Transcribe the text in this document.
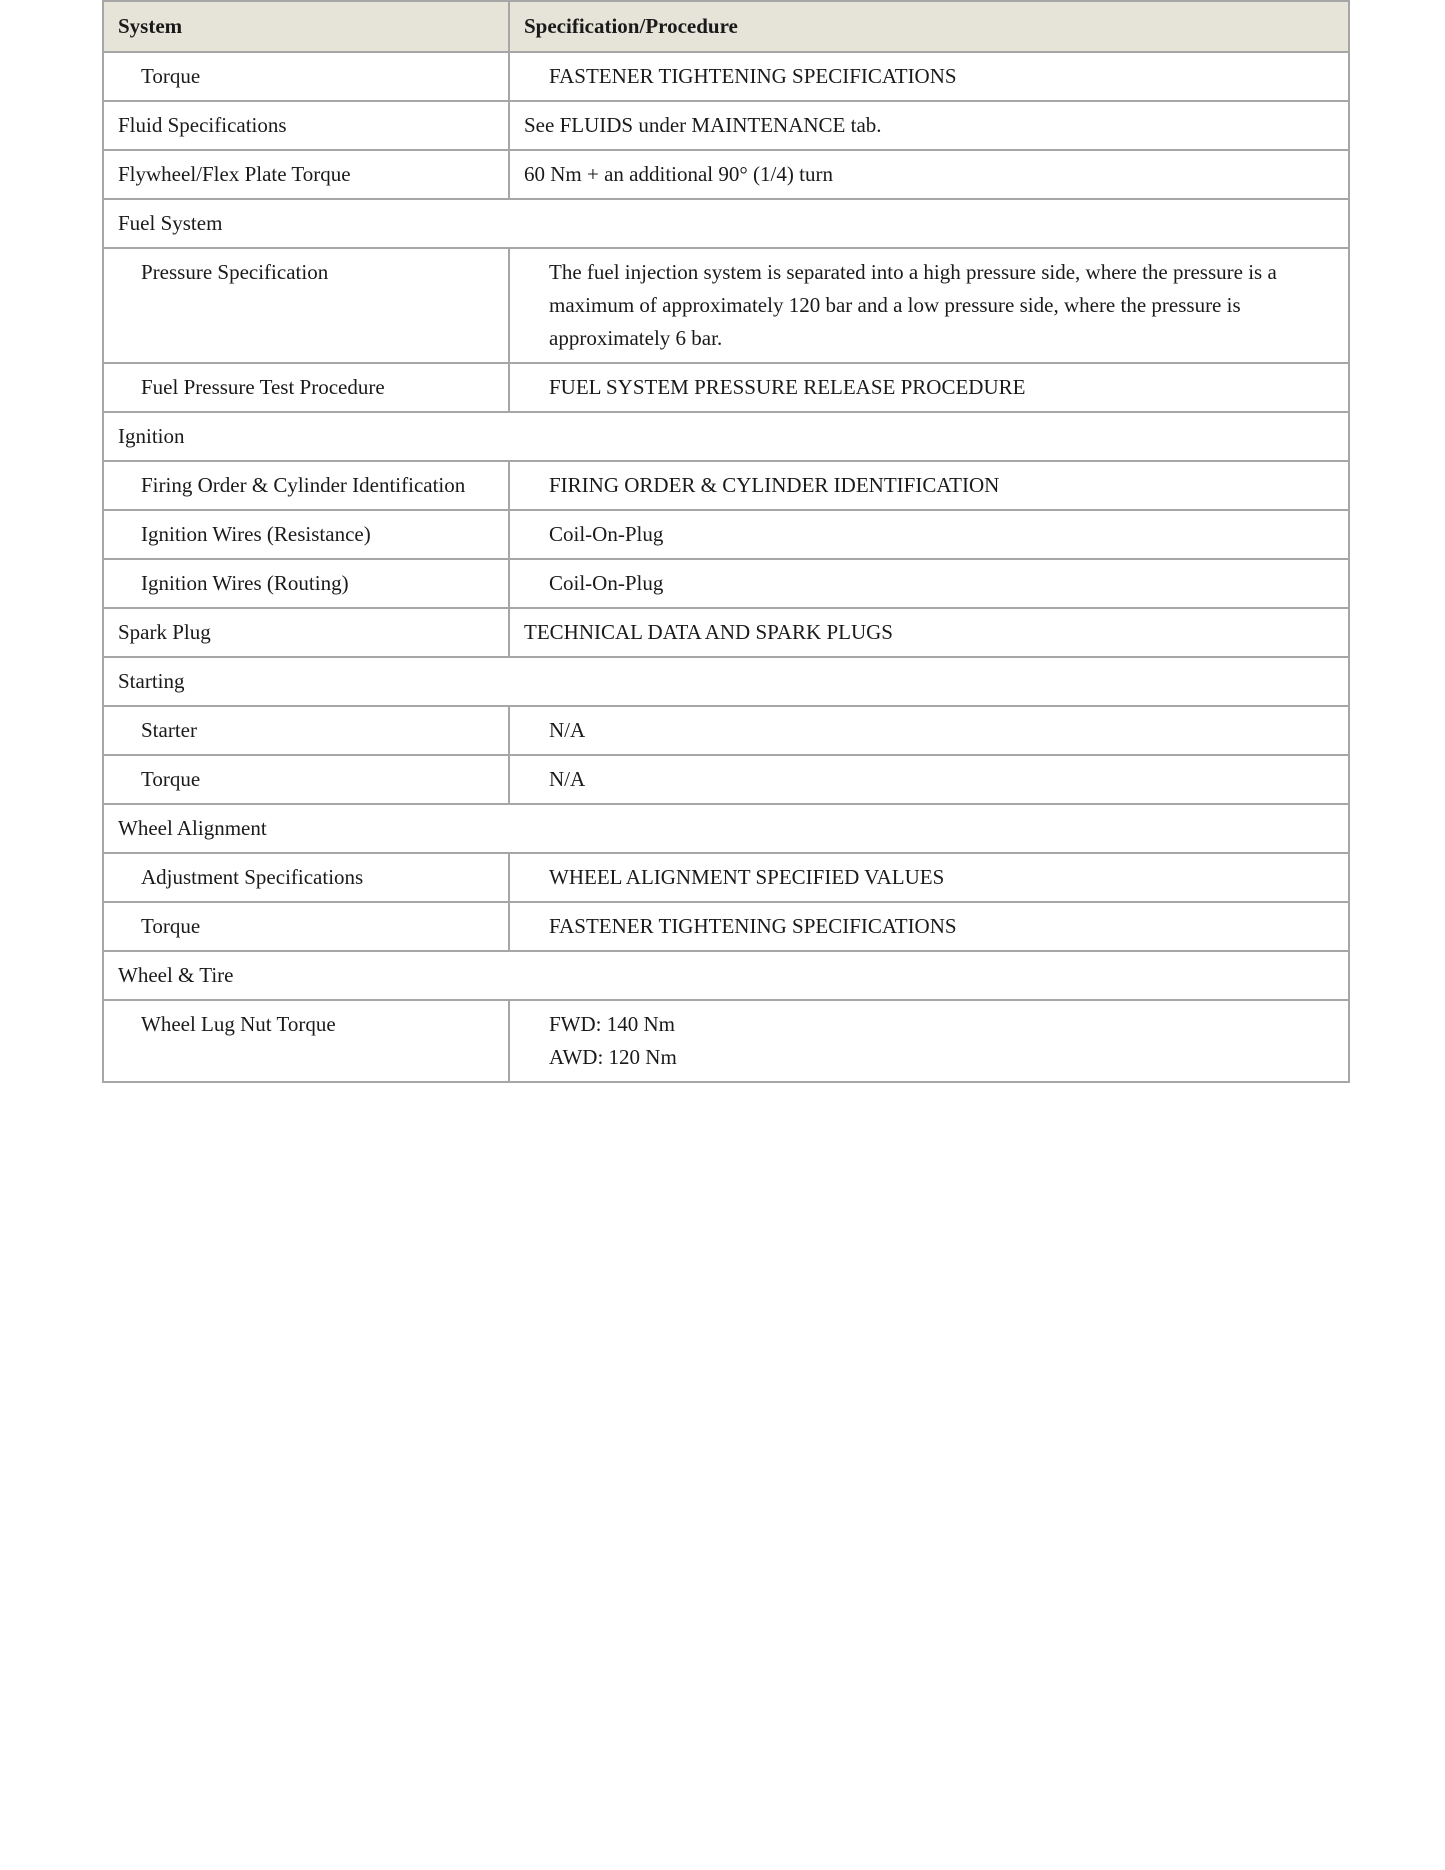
System	Specification/Procedure
Torque	FASTENER TIGHTENING SPECIFICATIONS
Fluid Specifications	See FLUIDS under MAINTENANCE tab.
Flywheel/Flex Plate Torque	60 Nm + an additional 90° (1/4) turn
Fuel System	
Pressure Specification	The fuel injection system is separated into a high pressure side, where the pressure is a maximum of approximately 120 bar and a low pressure side, where the pressure is approximately 6 bar.
Fuel Pressure Test Procedure	FUEL SYSTEM PRESSURE RELEASE PROCEDURE
Ignition	
Firing Order & Cylinder Identification	FIRING ORDER & CYLINDER IDENTIFICATION
Ignition Wires (Resistance)	Coil-On-Plug
Ignition Wires (Routing)	Coil-On-Plug
Spark Plug	TECHNICAL DATA AND SPARK PLUGS
Starting	
Starter	N/A
Torque	N/A
Wheel Alignment	
Adjustment Specifications	WHEEL ALIGNMENT SPECIFIED VALUES
Torque	FASTENER TIGHTENING SPECIFICATIONS
Wheel & Tire	
Wheel Lug Nut Torque	FWD: 140 Nm
AWD: 120 Nm
